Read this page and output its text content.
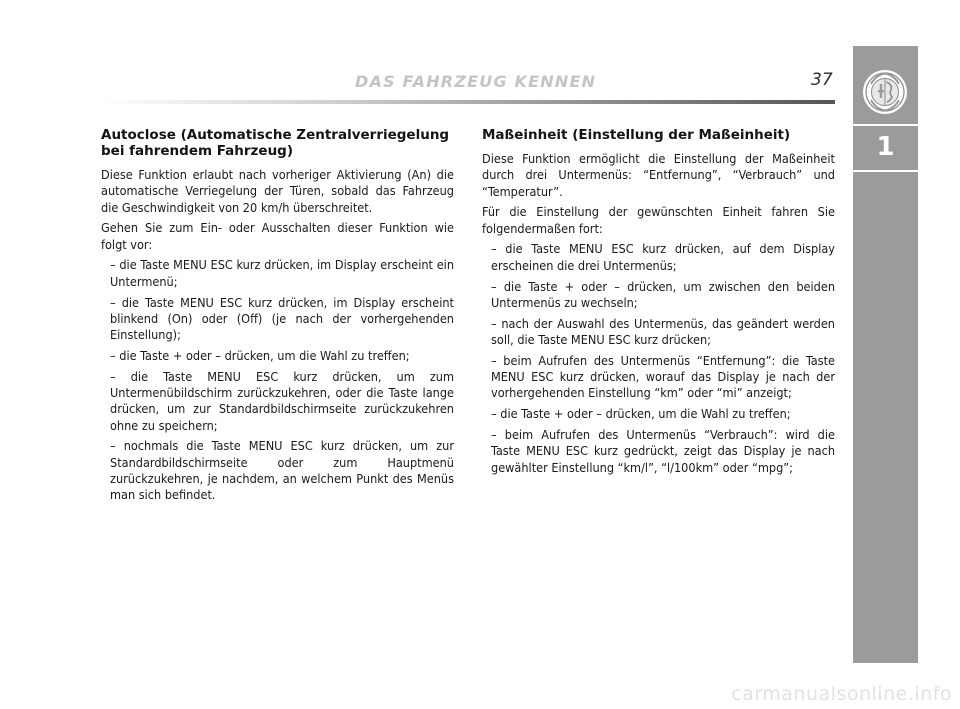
DAS FAHRZEUG KENNEN	37
1
Autoclose (Automatische Zentralverriegelung bei fahrendem Fahrzeug)

Diese Funktion erlaubt nach vorheriger Aktivierung (An) die automatische Verriegelung der Türen, sobald das Fahrzeug die Geschwindigkeit von 20 km/h überschreitet.

Gehen Sie zum Ein- oder Ausschalten dieser Funktion wie folgt vor:

– die Taste MENU ESC kurz drücken, im Display erscheint ein Untermenü;

– die Taste MENU ESC kurz drücken, im Display erscheint blinkend (On) oder (Off) (je nach der vorhergehenden Einstellung);

– die Taste + oder – drücken, um die Wahl zu treffen;

– die Taste MENU ESC kurz drücken, um zum Untermenübildschirm zurückzukehren, oder die Taste lange drücken, um zur Standardbildschirmseite zurückzukehren ohne zu speichern;

– nochmals die Taste MENU ESC kurz drücken, um zur Standardbildschirmseite oder zum Hauptmenü zurückzukehren, je nachdem, an welchem Punkt des Menüs man sich befindet.

Maßeinheit (Einstellung der Maßeinheit)

Diese Funktion ermöglicht die Einstellung der Maßeinheit durch drei Untermenüs: “Entfernung”, “Verbrauch” und “Temperatur”.

Für die Einstellung der gewünschten Einheit fahren Sie folgendermaßen fort:

– die Taste MENU ESC kurz drücken, auf dem Display erscheinen die drei Untermenüs;

– die Taste + oder – drücken, um zwischen den beiden Untermenüs zu wechseln;

– nach der Auswahl des Untermenüs, das geändert werden soll, die Taste MENU ESC kurz drücken;

– beim Aufrufen des Untermenüs “Entfernung”: die Taste MENU ESC kurz drücken, worauf das Display je nach der vorhergehenden Einstellung “km” oder “mi” anzeigt;

– die Taste + oder – drücken, um die Wahl zu treffen;

– beim Aufrufen des Untermenüs “Verbrauch”: wird die Taste MENU ESC kurz gedrückt, zeigt das Display je nach gewählter Einstellung “km/l”, “l/100km” oder “mpg”;

carmanualsonline.info
